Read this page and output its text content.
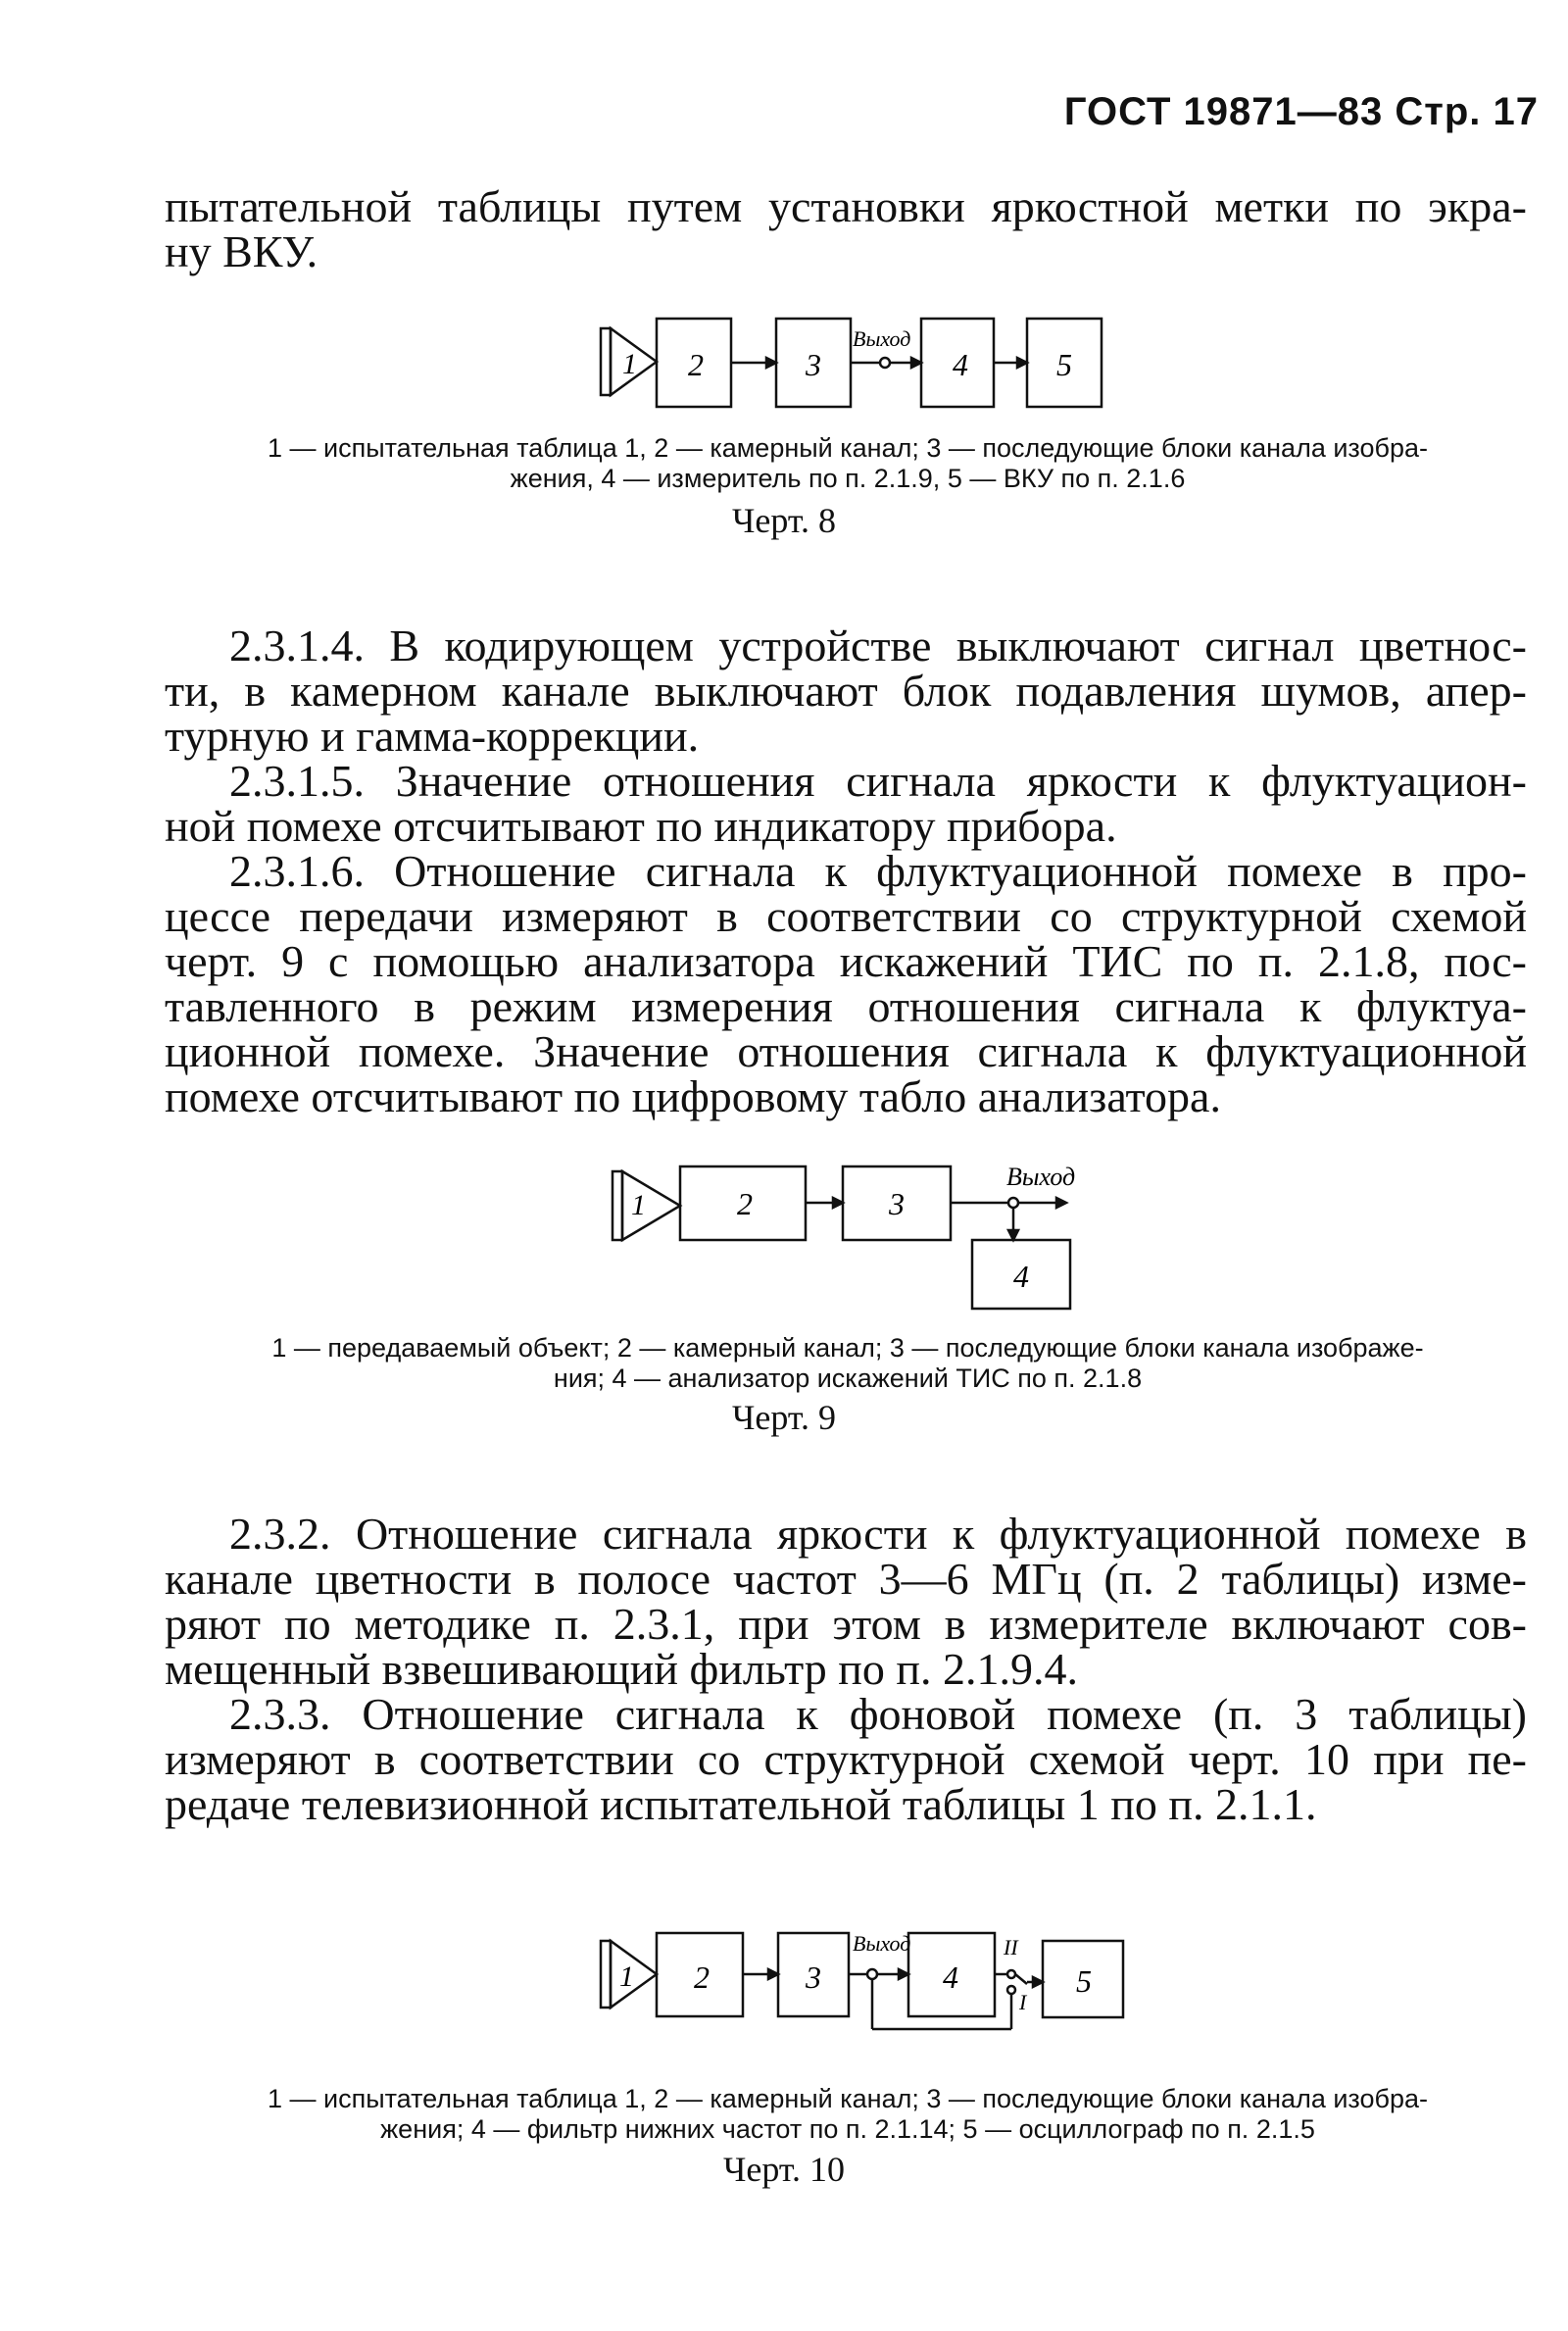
ГОСТ 19871—83 Стр. 17
пытательной таблицы путем установки яркостной метки по экра-
ну ВКУ.
1 2	3	4	5
Выход
1 — испытательная таблица 1, 2 — камерный канал; 3 — последующие блоки канала изобра-
жения, 4 — измеритель по п. 2.1.9, 5 — ВКУ по п. 2.1.6
Черт. 8
2.3.1.4. В кодирующем устройстве выключают сигнал цветнос-
ти, в камерном канале выключают блок подавления шумов, апер-
турную и гамма-коррекции.
2.3.1.5. Значение отношения сигнала яркости к флуктуацион-
ной помехе отсчитывают по индикатору прибора.
2.3.1.6. Отношение сигнала к флуктуационной помехе в про-
цессе передачи измеряют в соответствии со структурной схемой
черт. 9 с помощью анализатора искажений ТИС по п. 2.1.8, пос-
тавленного в режим измерения отношения сигнала к флуктуа-
ционной помехе. Значение отношения сигнала к флуктуационной
помехе отсчитывают по цифровому табло анализатора.
1	2	3
4
Выход
1 — передаваемый объект; 2 — камерный канал; 3 — последующие блоки канала изображе-
ния; 4 — анализатор искажений ТИС по п. 2.1.8
Черт. 9
2.3.2. Отношение сигнала яркости к флуктуационной помехе в
канале цветности в полосе частот 3—6 МГц (п. 2 таблицы) изме-
ряют по методике п. 2.3.1, при этом в измерителе включают сов-
мещенный взвешивающий фильтр по п. 2.1.9.4.
2.3.3. Отношение сигнала к фоновой помехе (п. 3 таблицы)
измеряют в соответствии со структурной схемой черт. 10 при пе-
редаче телевизионной испытательной таблицы 1 по п. 2.1.1.
1 2	3	4	5
Выход	II
I
1 — испытательная таблица 1, 2 — камерный канал; 3 — последующие блоки канала изобра-
жения; 4 — фильтр нижних частот по п. 2.1.14; 5 — осциллограф по п. 2.1.5
Черт. 10
